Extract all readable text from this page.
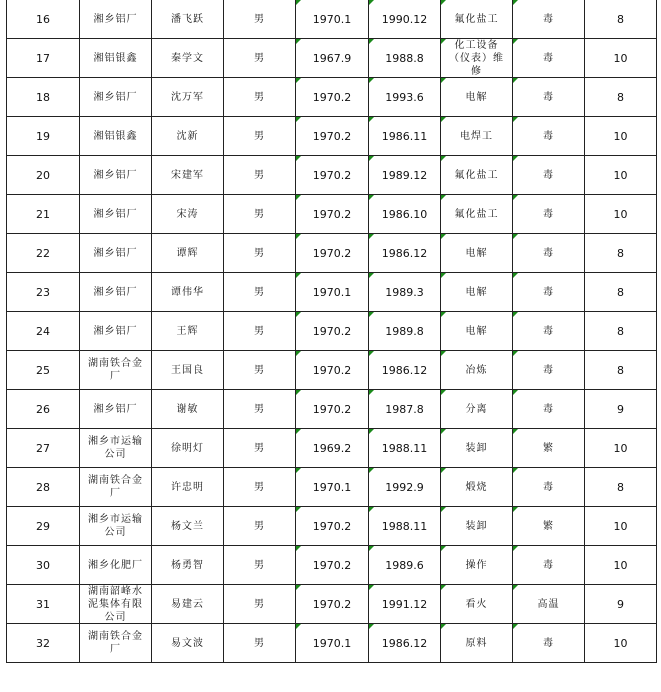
16	湘乡铝厂	潘飞跃	男	1970.1	1990.12	氟化盐工	毒	8

17	湘铝银鑫	秦学文	男	1967.9	1988.8	化工设备（仪表）维修	毒	10

18	湘乡铝厂	沈万军	男	1970.2	1993.6	电解	毒	8

19	湘铝银鑫	沈新	男	1970.2	1986.11	电焊工	毒	10

20	湘乡铝厂	宋建军	男	1970.2	1989.12	氟化盐工	毒	10

21	湘乡铝厂	宋涛	男	1970.2	1986.10	氟化盐工	毒	10

22	湘乡铝厂	谭辉	男	1970.2	1986.12	电解	毒	8

23	湘乡铝厂	谭伟华	男	1970.1	1989.3	电解	毒	8

24	湘乡铝厂	王辉	男	1970.2	1989.8	电解	毒	8

25	湖南铁合金厂	王国良	男	1970.2	1986.12	冶炼	毒	8

26	湘乡铝厂	谢敏	男	1970.2	1987.8	分离	毒	9

27	湘乡市运输公司	徐明灯	男	1969.2	1988.11	装卸	繁	10

28	湖南铁合金厂	许忠明	男	1970.1	1992.9	煅烧	毒	8

29	湘乡市运输公司	杨文兰	男	1970.2	1988.11	装卸	繁	10

30	湘乡化肥厂	杨勇智	男	1970.2	1989.6	操作	毒	10

31	湖南韶峰水泥集体有限公司	易建云	男	1970.2	1991.12	看火	高温	9

32	湖南铁合金厂	易文波	男	1970.1	1986.12	原料	毒	10
